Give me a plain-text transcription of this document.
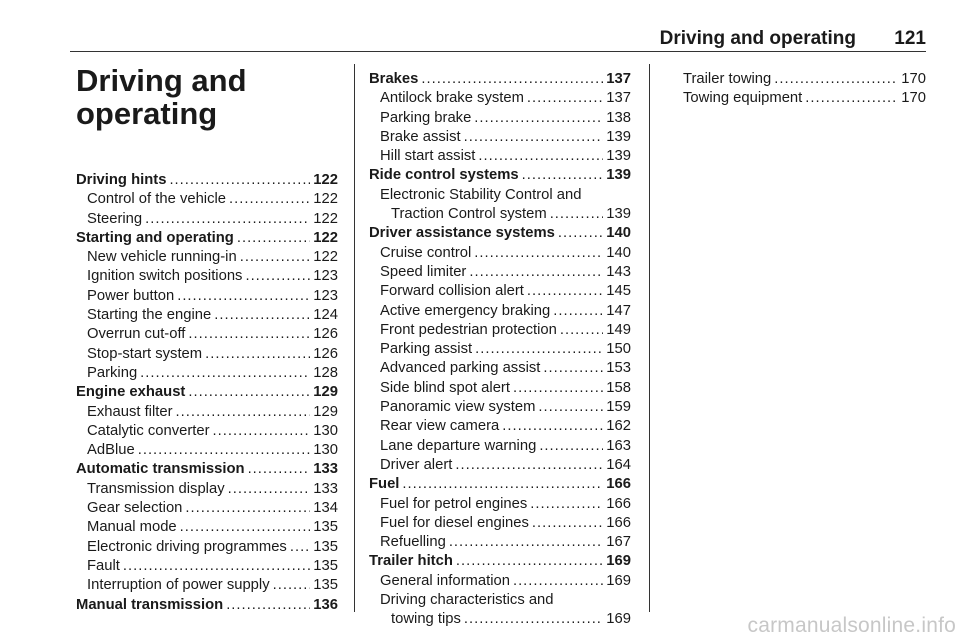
Driving and operating 121
Driving and
operating
Driving hints .....	122
Control of the vehicle .....	122
Steering .....	122
Starting and operating .....	122
New vehicle running-in .....	122
Ignition switch positions .....	123
Power button .....	123
Starting the engine .....	124
Overrun cut-off .....	126
Stop-start system .....	126
Parking .....	128
Engine exhaust .....	129
Exhaust filter .....	129
Catalytic converter .....	130
AdBlue .....	130
Automatic transmission .....	133
Transmission display .....	133
Gear selection .....	134
Manual mode .....	135
Electronic driving programmes ..... 135
Fault .....	135
Interruption of power supply .....	135
Manual transmission .....	136
Brakes .....	137
Antilock brake system .....	137
Parking brake .....	138
Brake assist .....	139
Hill start assist .....	139
Ride control systems .....	139
Electronic Stability Control and
Traction Control system .....	139
Driver assistance systems .....	140
Cruise control .....	140
Speed limiter .....	143
Forward collision alert .....	145
Active emergency braking .....	147
Front pedestrian protection .....	149
Parking assist .....	150
Advanced parking assist .....	153
Side blind spot alert .....	158
Panoramic view system .....	159
Rear view camera .....	162
Lane departure warning .....	163
Driver alert .....	164
Fuel .....	166
Fuel for petrol engines .....	166
Fuel for diesel engines .....	166
Refuelling .....	167
Trailer hitch .....	169
General information .....	169
Driving characteristics and
towing tips .....	169
Trailer towing .....	170
Towing equipment .....	170
carmanualsonline.info
